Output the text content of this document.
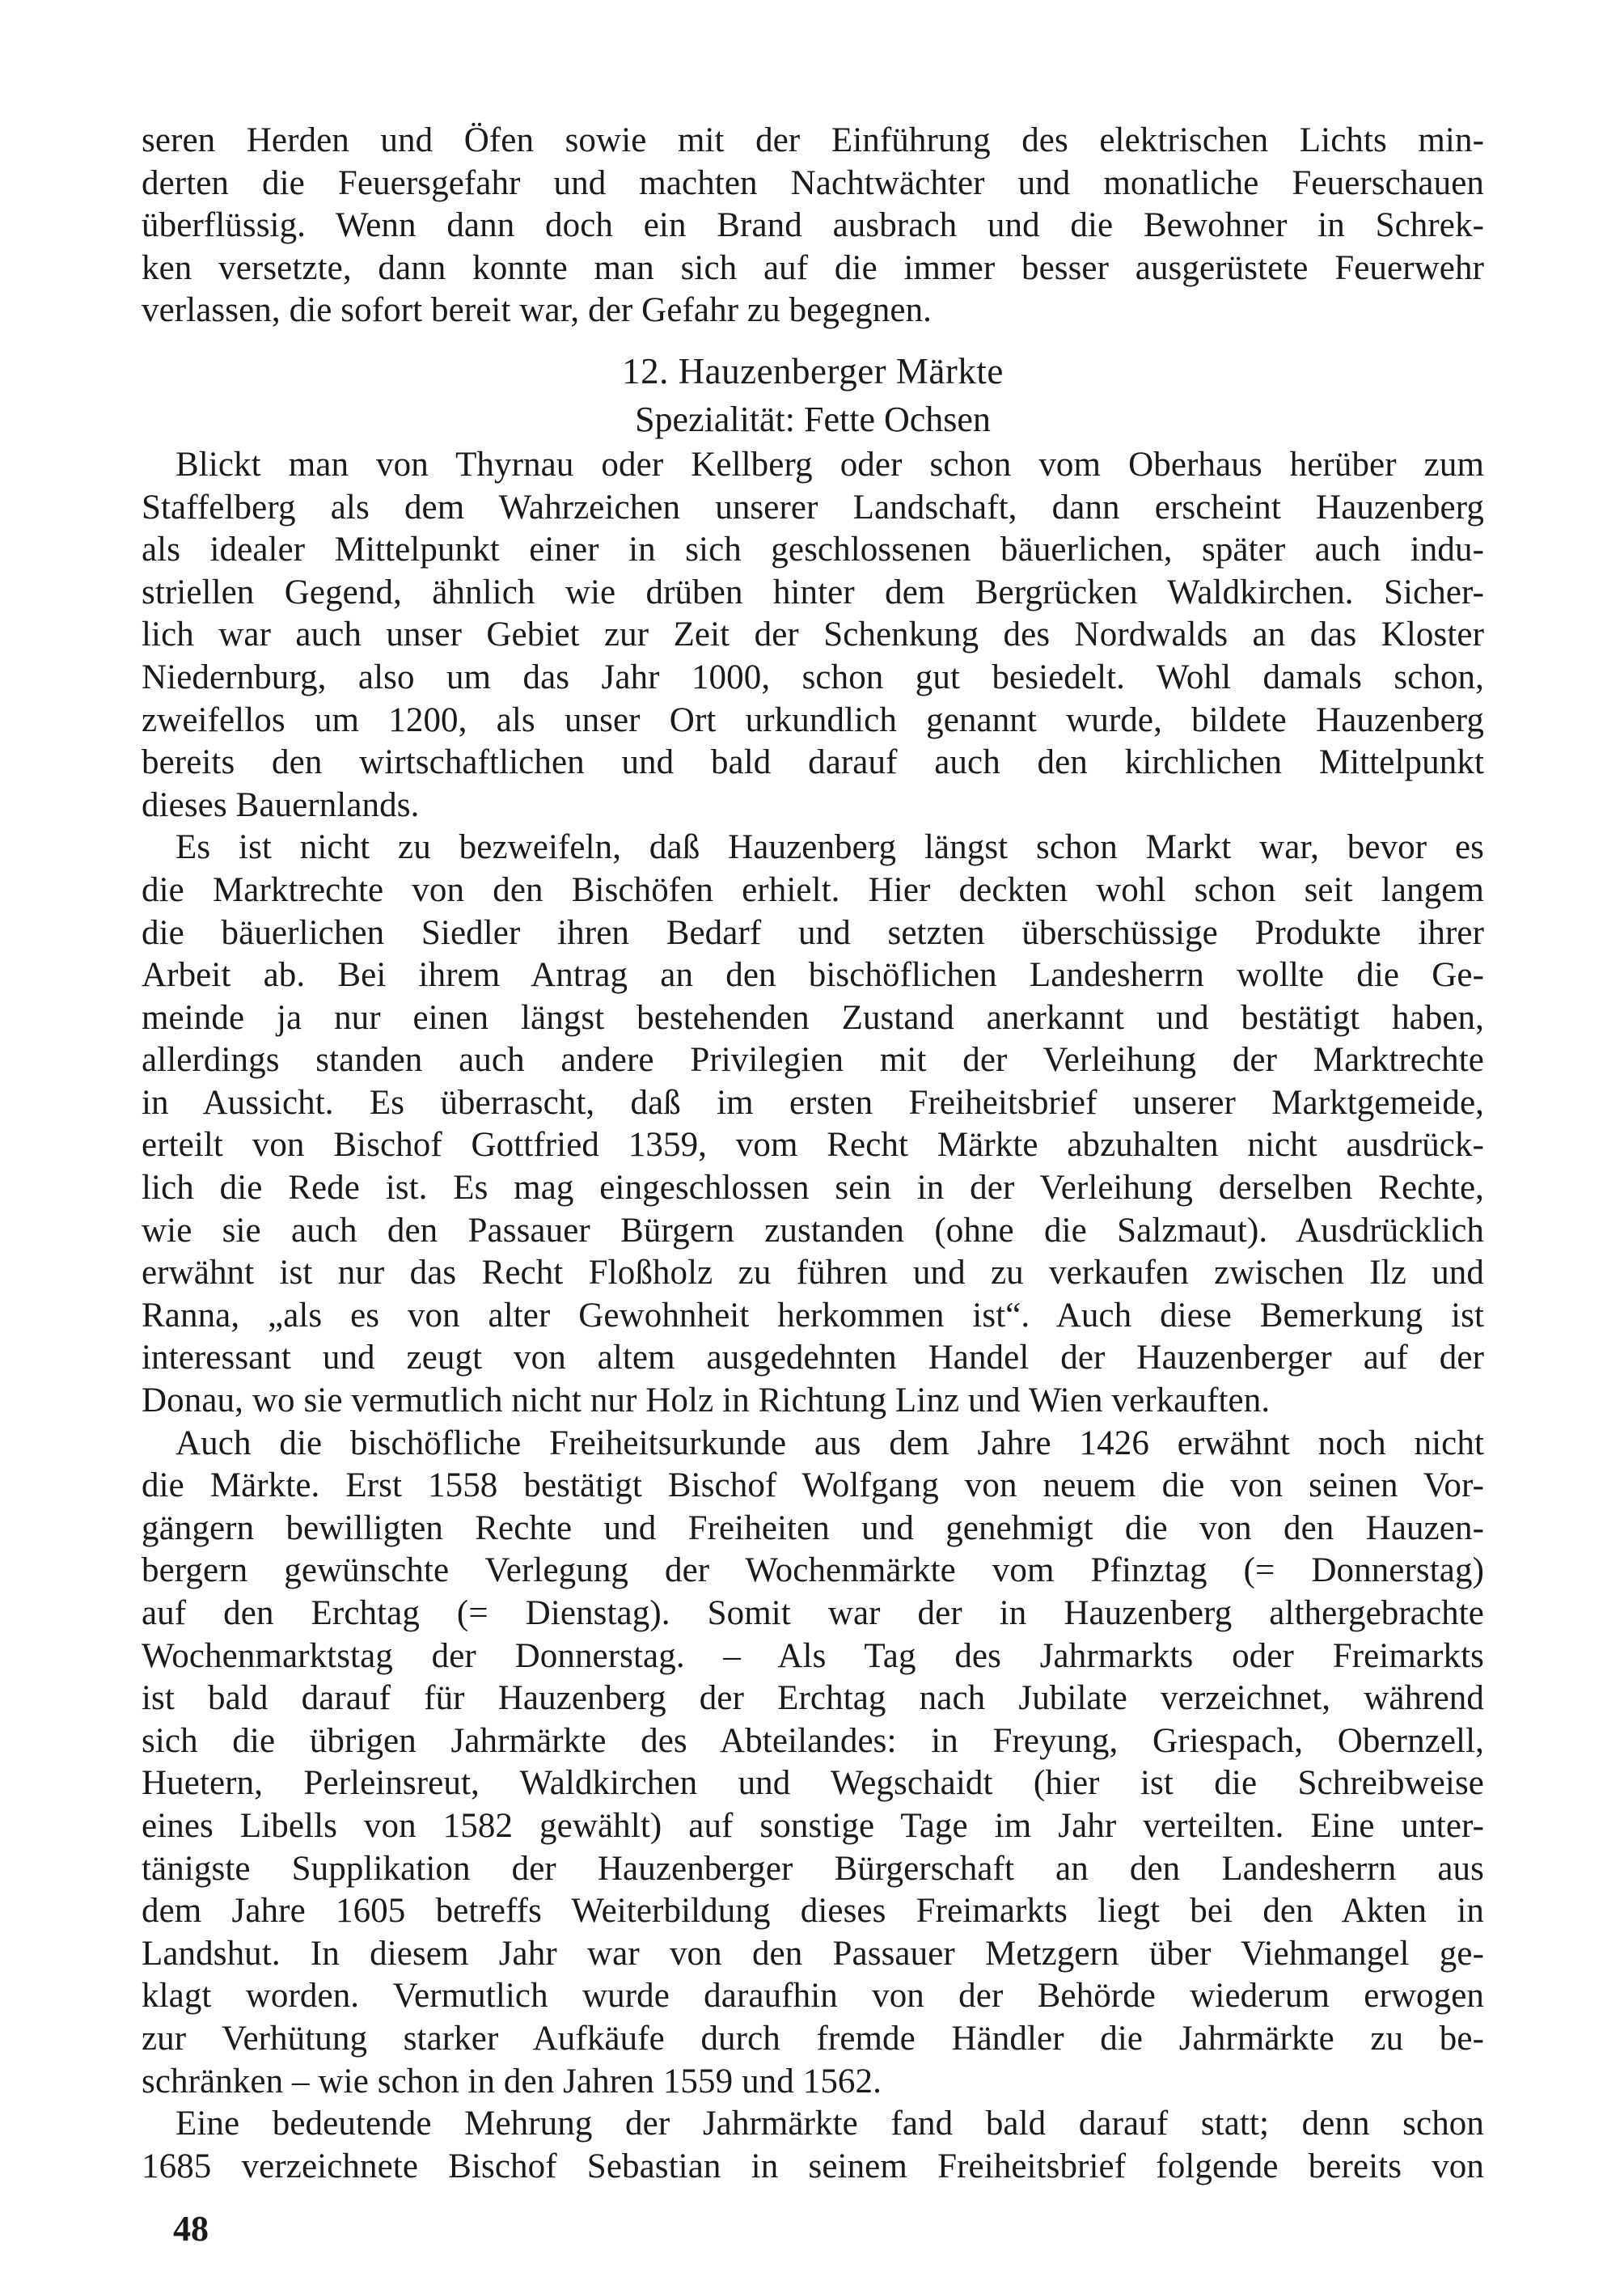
seren Herden und Öfen sowie mit der Einführung des elektrischen Lichts min-
derten die Feuersgefahr und machten Nachtwächter und monatliche Feuerschauen
überflüssig. Wenn dann doch ein Brand ausbrach und die Bewohner in Schrek-
ken versetzte, dann konnte man sich auf die immer besser ausgerüstete Feuerwehr
verlassen, die sofort bereit war, der Gefahr zu begegnen.
12. Hauzenberger Märkte
Spezialität: Fette Ochsen
Blickt man von Thyrnau oder Kellberg oder schon vom Oberhaus herüber zum
Staffelberg als dem Wahrzeichen unserer Landschaft, dann erscheint Hauzenberg
als idealer Mittelpunkt einer in sich geschlossenen bäuerlichen, später auch indu-
striellen Gegend, ähnlich wie drüben hinter dem Bergrücken Waldkirchen. Sicher-
lich war auch unser Gebiet zur Zeit der Schenkung des Nordwalds an das Kloster
Niedernburg, also um das Jahr 1000, schon gut besiedelt. Wohl damals schon,
zweifellos um 1200, als unser Ort urkundlich genannt wurde, bildete Hauzenberg
bereits den wirtschaftlichen und bald darauf auch den kirchlichen Mittelpunkt
dieses Bauernlands.
Es ist nicht zu bezweifeln, daß Hauzenberg längst schon Markt war, bevor es
die Marktrechte von den Bischöfen erhielt. Hier deckten wohl schon seit langem
die bäuerlichen Siedler ihren Bedarf und setzten überschüssige Produkte ihrer
Arbeit ab. Bei ihrem Antrag an den bischöflichen Landesherrn wollte die Ge-
meinde ja nur einen längst bestehenden Zustand anerkannt und bestätigt haben,
allerdings standen auch andere Privilegien mit der Verleihung der Marktrechte
in Aussicht. Es überrascht, daß im ersten Freiheitsbrief unserer Marktgemeide,
erteilt von Bischof Gottfried 1359, vom Recht Märkte abzuhalten nicht ausdrück-
lich die Rede ist. Es mag eingeschlossen sein in der Verleihung derselben Rechte,
wie sie auch den Passauer Bürgern zustanden (ohne die Salzmaut). Ausdrücklich
erwähnt ist nur das Recht Floßholz zu führen und zu verkaufen zwischen Ilz und
Ranna, „als es von alter Gewohnheit herkommen ist“. Auch diese Bemerkung ist
interessant und zeugt von altem ausgedehnten Handel der Hauzenberger auf der
Donau, wo sie vermutlich nicht nur Holz in Richtung Linz und Wien verkauften.
Auch die bischöfliche Freiheitsurkunde aus dem Jahre 1426 erwähnt noch nicht
die Märkte. Erst 1558 bestätigt Bischof Wolfgang von neuem die von seinen Vor-
gängern bewilligten Rechte und Freiheiten und genehmigt die von den Hauzen-
bergern gewünschte Verlegung der Wochenmärkte vom Pfinztag (= Donnerstag)
auf den Erchtag (= Dienstag). Somit war der in Hauzenberg althergebrachte
Wochenmarktstag der Donnerstag. – Als Tag des Jahrmarkts oder Freimarkts
ist bald darauf für Hauzenberg der Erchtag nach Jubilate verzeichnet, während
sich die übrigen Jahrmärkte des Abteilandes: in Freyung, Griespach, Obernzell,
Huetern, Perleinsreut, Waldkirchen und Wegschaidt (hier ist die Schreibweise
eines Libells von 1582 gewählt) auf sonstige Tage im Jahr verteilten. Eine unter-
tänigste Supplikation der Hauzenberger Bürgerschaft an den Landesherrn aus
dem Jahre 1605 betreffs Weiterbildung dieses Freimarkts liegt bei den Akten in
Landshut. In diesem Jahr war von den Passauer Metzgern über Viehmangel ge-
klagt worden. Vermutlich wurde daraufhin von der Behörde wiederum erwogen
zur Verhütung starker Aufkäufe durch fremde Händler die Jahrmärkte zu be-
schränken – wie schon in den Jahren 1559 und 1562.
Eine bedeutende Mehrung der Jahrmärkte fand bald darauf statt; denn schon
1685 verzeichnete Bischof Sebastian in seinem Freiheitsbrief folgende bereits von
48
